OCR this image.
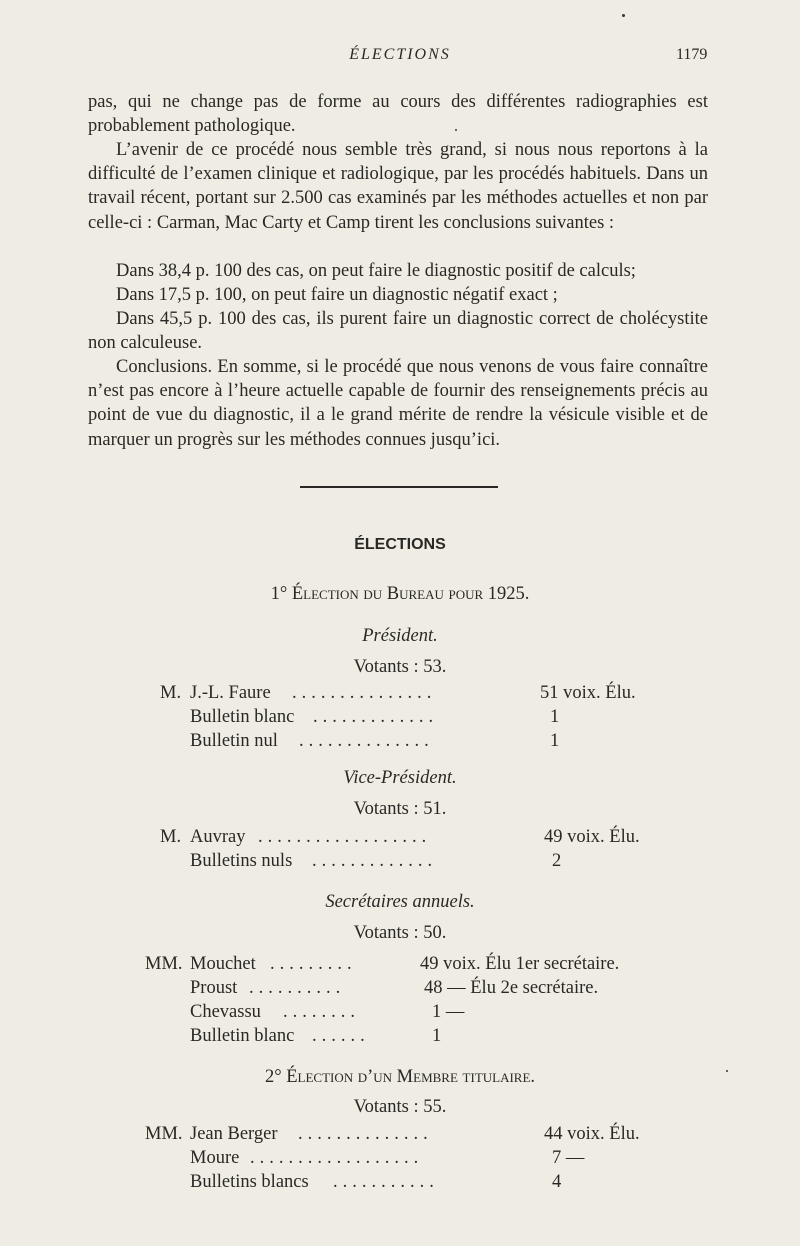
ÉLECTIONS	1179

pas, qui ne change pas de forme au cours des différentes radiographies est probablement pathologique.

L’avenir de ce procédé nous semble très grand, si nous nous reportons à la difficulté de l’examen clinique et radiologique, par les procédés habituels. Dans un travail récent, portant sur 2.500 cas examinés par les méthodes actuelles et non par celle-ci : Carman, Mac Carty et Camp tirent les conclusions suivantes :

Dans 38,4 p. 100 des cas, on peut faire le diagnostic positif de calculs;

Dans 17,5 p. 100, on peut faire un diagnostic négatif exact ;

Dans 45,5 p. 100 des cas, ils purent faire un diagnostic correct de cholécystite non calculeuse.

Conclusions. En somme, si le procédé que nous venons de vous faire connaître n’est pas encore à l’heure actuelle capable de fournir des renseignements précis au point de vue du diagnostic, il a le grand mérite de rendre la vésicule visible et de marquer un progrès sur les méthodes connues jusqu’ici.

ÉLECTIONS
1° Élection du Bureau pour 1925.
Président.
Votants : 53.
M. J.-L. Faure ...............	51 voix. Élu.
Bulletin blanc .............	1
Bulletin nul ..............	1
Vice-Président.
Votants : 51.
M. Auvray ..................	49 voix. Élu.
Bulletins nuls .............	2
Secrétaires annuels.
Votants : 50.
MM. Mouchet .........	49 voix. Élu 1er secrétaire.
Proust ..........	48 — Élu 2e secrétaire.
Chevassu ........	1 —
Bulletin blanc ......	1
2° Élection d’un Membre titulaire.
Votants : 55.
MM. Jean Berger ..............	44 voix. Élu.
Moure ..................	7 —
Bulletins blancs ...........	4
